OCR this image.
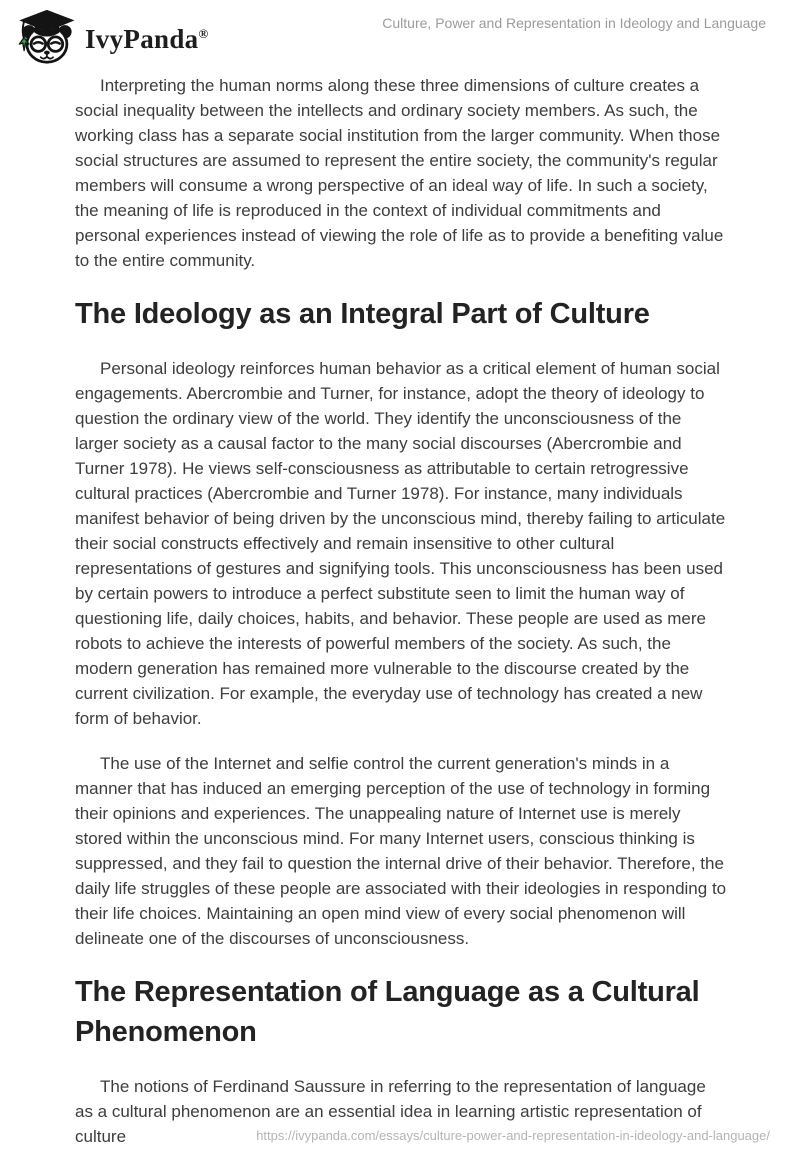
IvyPanda®
Culture, Power and Representation in Ideology and Language

Interpreting the human norms along these three dimensions of culture creates a social inequality between the intellects and ordinary society members. As such, the working class has a separate social institution from the larger community. When those social structures are assumed to represent the entire society, the community's regular members will consume a wrong perspective of an ideal way of life. In such a society, the meaning of life is reproduced in the context of individual commitments and personal experiences instead of viewing the role of life as to provide a benefiting value to the entire community.

The Ideology as an Integral Part of Culture

Personal ideology reinforces human behavior as a critical element of human social engagements. Abercrombie and Turner, for instance, adopt the theory of ideology to question the ordinary view of the world. They identify the unconsciousness of the larger society as a causal factor to the many social discourses (Abercrombie and Turner 1978). He views self-consciousness as attributable to certain retrogressive cultural practices (Abercrombie and Turner 1978). For instance, many individuals manifest behavior of being driven by the unconscious mind, thereby failing to articulate their social constructs effectively and remain insensitive to other cultural representations of gestures and signifying tools. This unconsciousness has been used by certain powers to introduce a perfect substitute seen to limit the human way of questioning life, daily choices, habits, and behavior. These people are used as mere robots to achieve the interests of powerful members of the society. As such, the modern generation has remained more vulnerable to the discourse created by the current civilization. For example, the everyday use of technology has created a new form of behavior.

The use of the Internet and selfie control the current generation's minds in a manner that has induced an emerging perception of the use of technology in forming their opinions and experiences. The unappealing nature of Internet use is merely stored within the unconscious mind. For many Internet users, conscious thinking is suppressed, and they fail to question the internal drive of their behavior. Therefore, the daily life struggles of these people are associated with their ideologies in responding to their life choices. Maintaining an open mind view of every social phenomenon will delineate one of the discourses of unconsciousness.

The Representation of Language as a Cultural Phenomenon

The notions of Ferdinand Saussure in referring to the representation of language as a cultural phenomenon are an essential idea in learning artistic representation of culture	https://ivypanda.com/essays/culture-power-and-representation-in-ideology-and-language/
